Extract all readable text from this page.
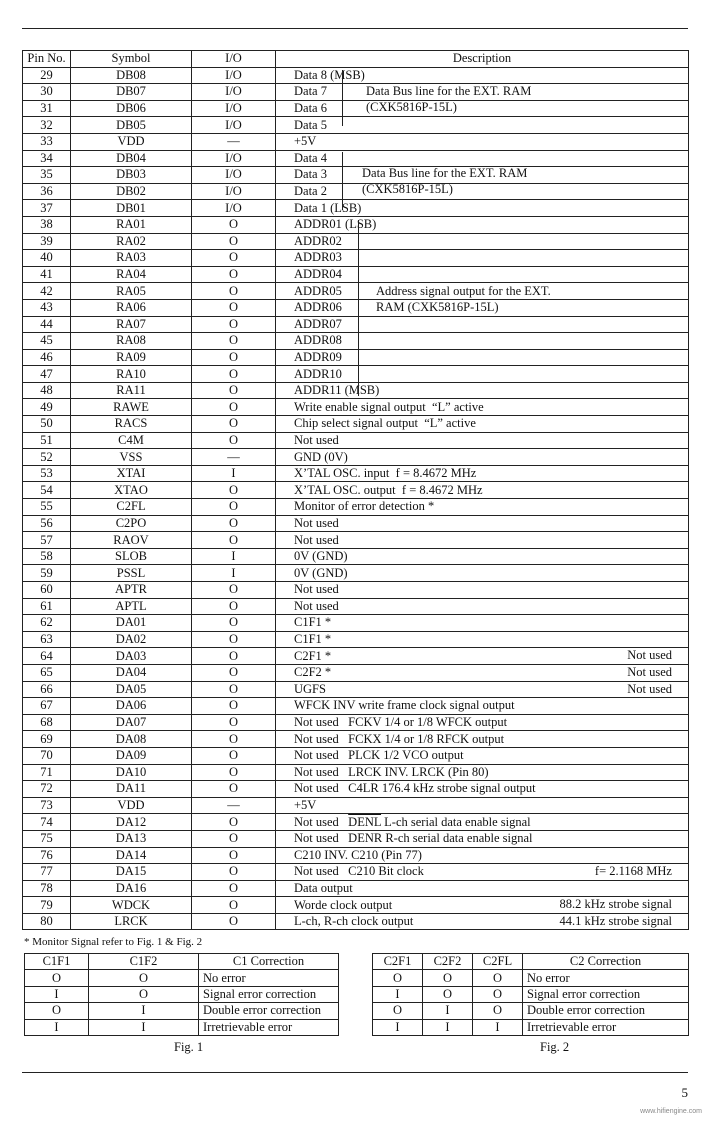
Pin No.	Symbol	I/O	Description
29	DB08	I/O	Data 8 (MSB)
30	DB07	I/O	Data 7
31	DB06	I/O	Data 6
32	DB05	I/O	Data 5
33	VDD	—	+5V
34	DB04	I/O	Data 4
35	DB03	I/O	Data 3
36	DB02	I/O	Data 2
37	DB01	I/O	Data 1 (LSB)
38	RA01	O	ADDR01 (LSB)
39	RA02	O	ADDR02
40	RA03	O	ADDR03
41	RA04	O	ADDR04
42	RA05	O	ADDR05
43	RA06	O	ADDR06
44	RA07	O	ADDR07
45	RA08	O	ADDR08
46	RA09	O	ADDR09
47	RA10	O	ADDR10
48	RA11	O	ADDR11 (MSB)
49	RAWE	O	Write enable signal output  “L” active
50	RACS	O	Chip select signal output  “L” active
51	C4M	O	Not used
52	VSS	—	GND (0V)
53	XTAI	I	X’TAL OSC. input  f = 8.4672 MHz
54	XTAO	O	X’TAL OSC. output  f = 8.4672 MHz
55	C2FL	O	Monitor of error detection *
56	C2PO	O	Not used
57	RAOV	O	Not used
58	SLOB	I	0V (GND)
59	PSSL	I	0V (GND)
60	APTR	O	Not used
61	APTL	O	Not used
62	DA01	O	C1F1 *
63	DA02	O	C1F1 *
64	DA03	O	C2F1 * Not used

65	DA04	O	C2F2 * Not used

66	DA05	O	UGFS Not used

67	DA06	O	WFCK INV write frame clock signal output
68	DA07	O	Not used   FCKV 1/4 or 1/8 WFCK output
69	DA08	O	Not used   FCKX 1/4 or 1/8 RFCK output
70	DA09	O	Not used   PLCK 1/2 VCO output
71	DA10	O	Not used   LRCK INV. LRCK (Pin 80)
72	DA11	O	Not used   C4LR 176.4 kHz strobe signal output
73	VDD	—	+5V
74	DA12	O	Not used   DENL L-ch serial data enable signal
75	DA13	O	Not used   DENR R-ch serial data enable signal
76	DA14	O	C210 INV. C210 (Pin 77)
77	DA15	O	Not used   C210 Bit clock f= 2.1168 MHz

78	DA16	O	Data output
79	WDCK	O	Worde clock output 88.2 kHz strobe signal

80	LRCK	O	L-ch, R-ch clock output 44.1 kHz strobe signal
Data Bus line for the EXT. RAM
(CXK5816P-15L)
Data Bus line for the EXT. RAM
(CXK5816P-15L)
Address signal output for the EXT.
RAM (CXK5816P-15L)
* Monitor Signal refer to Fig. 1 & Fig. 2
C1F1	C1F2	C1 Correction
O	O	No error
I	O	Signal error correction
O	I	Double error correction
I	I	Irretrievable error
Fig. 1
C2F1	C2F2	C2FL	C2 Correction
O	O	O	No error
I	O	O	Signal error correction
O	I	O	Double error correction
I	I	I	Irretrievable error
Fig. 2
5
www.hifiengine.com
